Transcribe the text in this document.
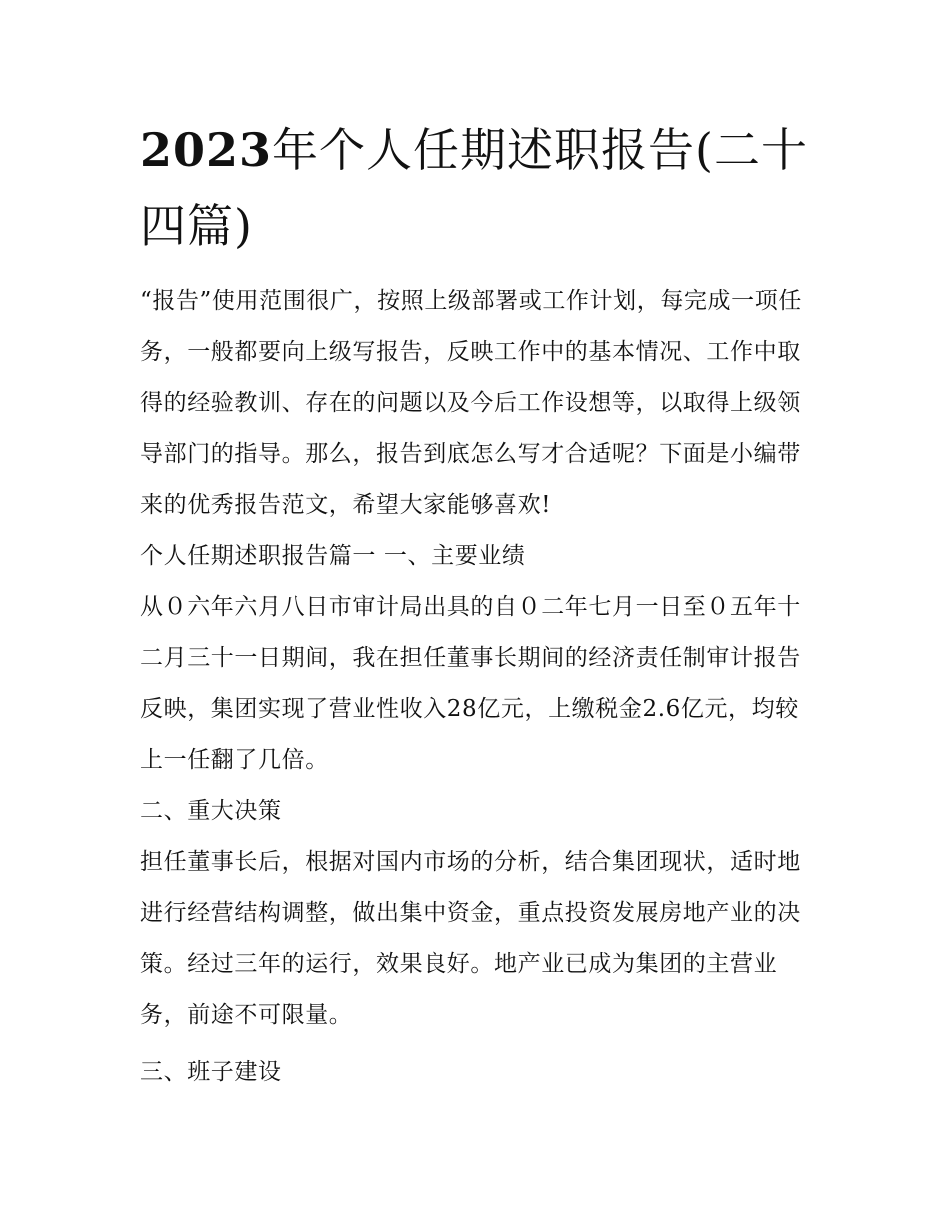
2023年个人任期述职报告(二十四篇)

“报告”使用范围很广，按照上级部署或工作计划，每完成一项任务，一般都要向上级写报告，反映工作中的基本情况、工作中取得的经验教训、存在的问题以及今后工作设想等，以取得上级领导部门的指导。那么，报告到底怎么写才合适呢？下面是小编带来的优秀报告范文，希望大家能够喜欢!

个人任期述职报告篇一 一、主要业绩

从０六年六月八日市审计局出具的自０二年七月一日至０五年十二月三十一日期间，我在担任董事长期间的经济责任制审计报告反映，集团实现了营业性收入28亿元，上缴税金2.6亿元，均较上一任翻了几倍。

二、重大决策

担任董事长后，根据对国内市场的分析，结合集团现状，适时地进行经营结构调整，做出集中资金，重点投资发展房地产业的决策。经过三年的运行，效果良好。地产业已成为集团的主营业务，前途不可限量。

三、班子建设
